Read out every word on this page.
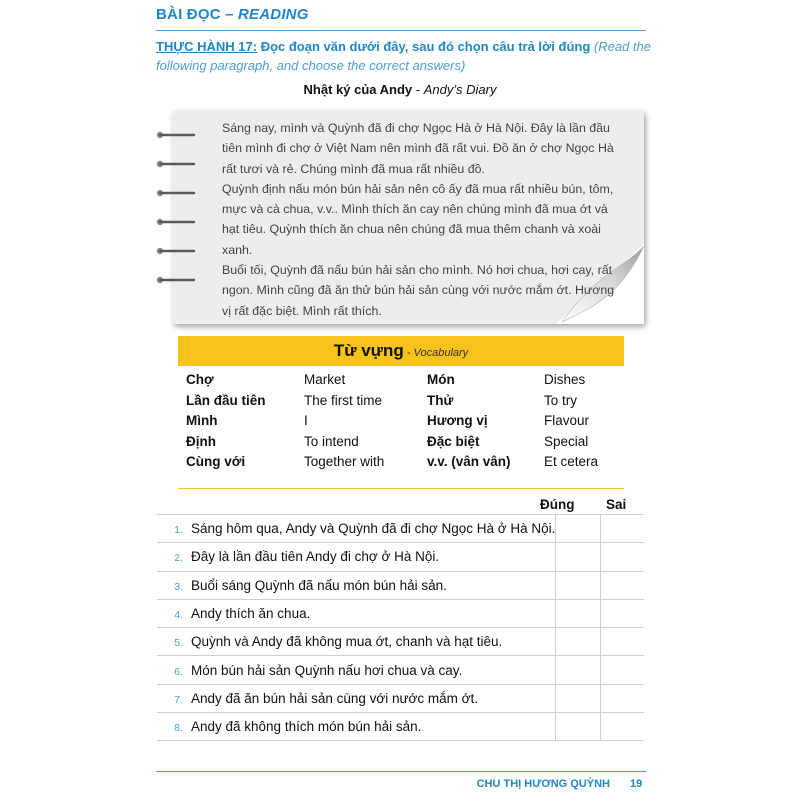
BÀI ĐỌC – READING
THỰC HÀNH 17: Đọc đoạn văn dưới đây, sau đó chọn câu trả lời đúng (Read the following paragraph, and choose the correct answers)
Nhật ký của Andy - Andy’s Diary

Sáng nay, mình và Quỳnh đã đi chợ Ngọc Hà ở Hà Nội. Đây là lần đầu tiên mình đi chợ ở Việt Nam nên mình đã rất vui. Đồ ăn ở chợ Ngọc Hà rất tươi và rẻ. Chúng mình đã mua rất nhiều đồ.

Quỳnh định nấu món bún hải sản nên cô ấy đã mua rất nhiều bún, tôm, mực và cà chua, v.v.. Mình thích ăn cay nên chúng mình đã mua ớt và hạt tiêu. Quỳnh thích ăn chua nên chúng đã mua thêm chanh và xoài xanh.

Buổi tối, Quỳnh đã nấu bún hải sản cho mình. Nó hơi chua, hơi cay, rất ngon. Mình cũng đã ăn thử bún hải sản cùng với nước mắm ớt. Hương vị rất đặc biệt. Mình rất thích.

Từ vựng - Vocabulary
Chợ	Market	Món	Dishes
Lần đầu tiên	The first time	Thử	To try
Mình	I	Hương vị	Flavour
Định	To intend	Đặc biệt	Special
Cùng với	Together with	v.v. (vân vân) Et cetera
Đúng Sai
1. Sáng hôm qua, Andy và Quỳnh đã đi chợ Ngọc Hà ở Hà Nội.		
2. Đây là lần đầu tiên Andy đi chợ ở Hà Nội.		
3. Buổi sáng Quỳnh đã nấu món bún hải sản.		
4. Andy thích ăn chua.		
5. Quỳnh và Andy đã không mua ớt, chanh và hạt tiêu.		
6. Món bún hải sản Quỳnh nấu hơi chua và cay.		
7. Andy đã ăn bún hải sản cùng với nước mắm ớt.		
8. Andy đã không thích món bún hải sản.		
CHU THỊ HƯƠNG QUỲNH 19
